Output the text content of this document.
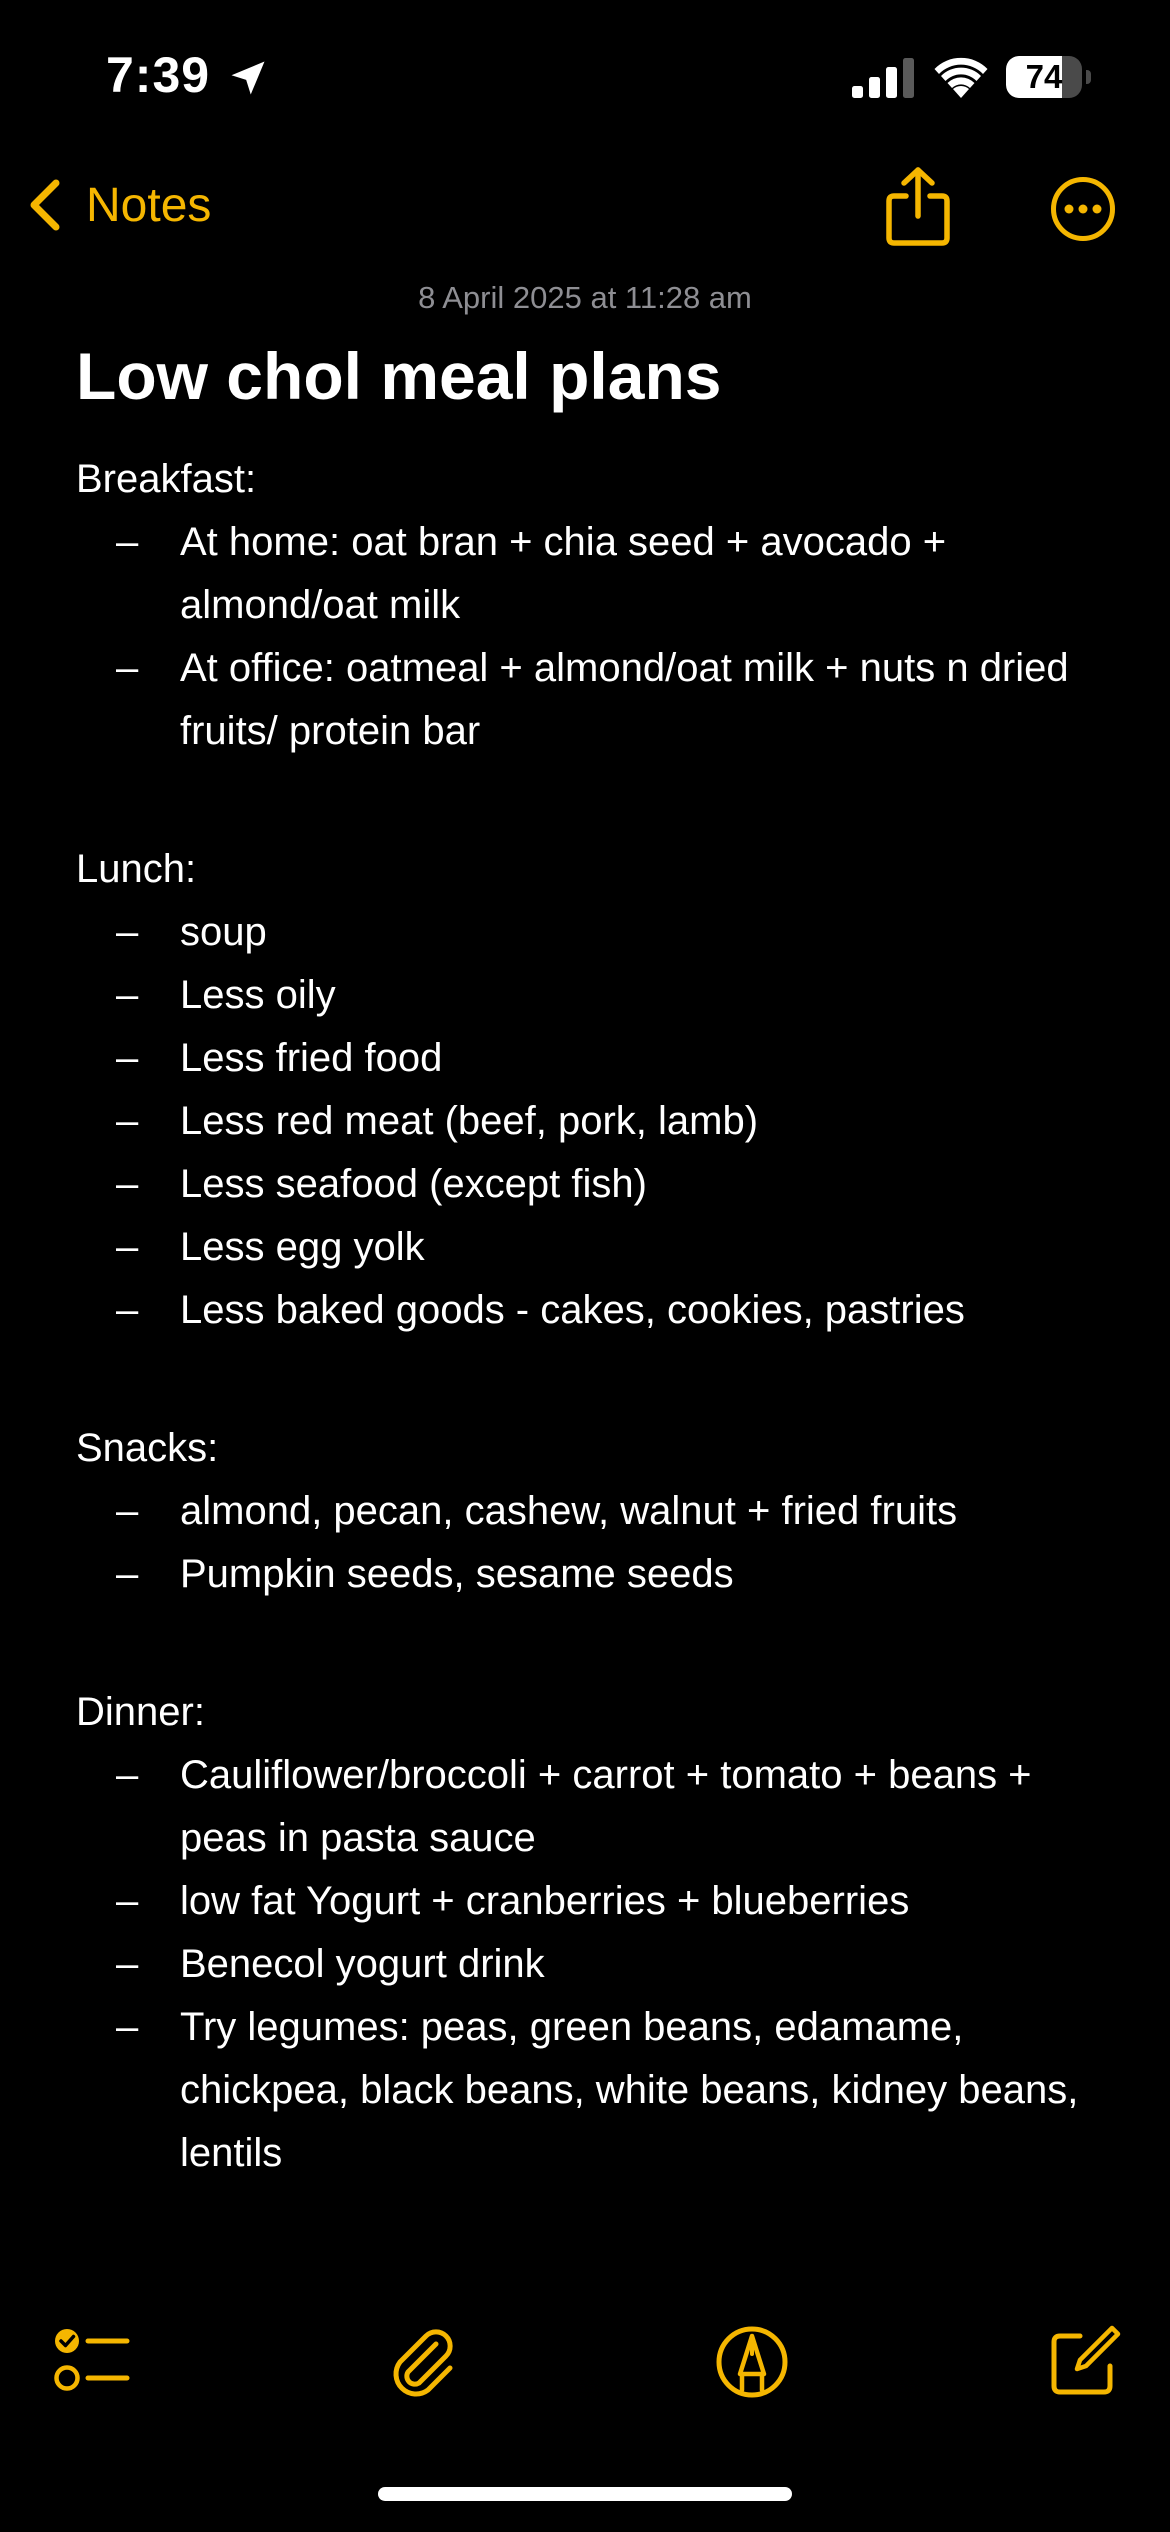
7:39	74
Notes
8 April 2025 at 11:28 am
Low chol meal plans
Breakfast:
–	At home: oat bran + chia seed + avocado + almond/oat milk
–	At office: oatmeal + almond/oat milk + nuts n dried fruits/ protein bar
Lunch:
–	soup
–	Less oily
–	Less fried food
–	Less red meat (beef, pork, lamb)
–	Less seafood (except fish)
–	Less egg yolk
–	Less baked goods - cakes, cookies, pastries
Snacks:
–	almond, pecan, cashew, walnut + fried fruits
–	Pumpkin seeds, sesame seeds
Dinner:
–	Cauliflower/broccoli + carrot + tomato + beans + peas in pasta sauce
–	low fat Yogurt + cranberries + blueberries
–	Benecol yogurt drink
–	Try legumes: peas, green beans, edamame, chickpea, black beans, white beans, kidney beans, lentils
